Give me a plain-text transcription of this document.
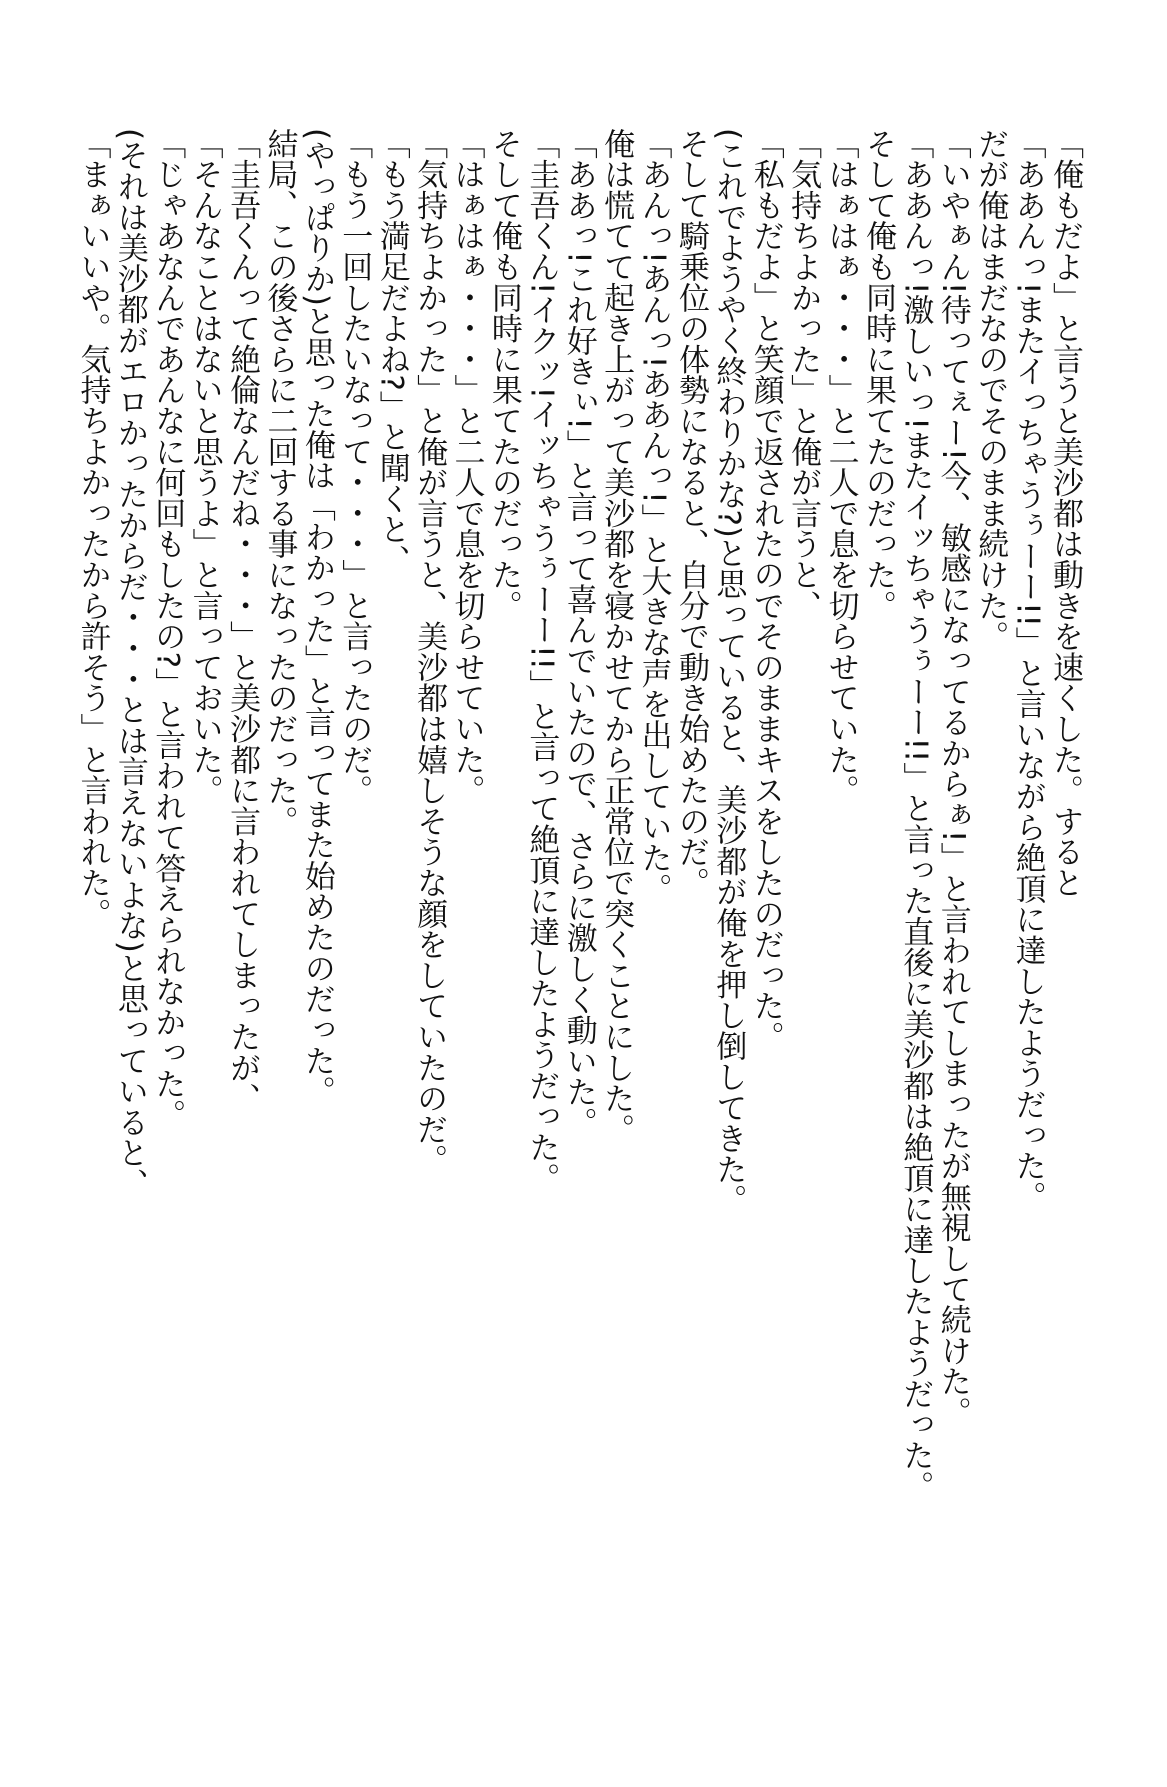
「俺もだよ」と言うと美沙都は動きを速くした。すると
「ああんっ!またイっちゃうぅーー!!」と言いながら絶頂に達したようだった。
だが俺はまだなのでそのまま続けた。
「いやぁん!待ってぇー!今、敏感になってるからぁ!」と言われてしまったが無視して続けた。
「ああんっ!激しいっ!またイッちゃうぅーー!!」と言った直後に美沙都は絶頂に達したようだった。
そして俺も同時に果てたのだった。
「はぁはぁ・・・」と二人で息を切らせていた。
「気持ちよかった」と俺が言うと、
「私もだよ」と笑顔で返されたのでそのままキスをしたのだった。
(これでようやく終わりかな?)と思っていると、美沙都が俺を押し倒してきた。
そして騎乗位の体勢になると、自分で動き始めたのだ。
「あんっ!あんっ!ああんっ!」と大きな声を出していた。
俺は慌てて起き上がって美沙都を寝かせてから正常位で突くことにした。
「ああっ!これ好きぃ!」と言って喜んでいたので、さらに激しく動いた。
「圭吾くん!イクッ!イッちゃうぅーー!!」と言って絶頂に達したようだった。
そして俺も同時に果てたのだった。
「はぁはぁ・・・」と二人で息を切らせていた。
「気持ちよかった」と俺が言うと、美沙都は嬉しそうな顔をしていたのだ。
「もう満足だよね?」と聞くと、
「もう一回したいなって・・・」と言ったのだ。
(やっぱりか)と思った俺は「わかった」と言ってまた始めたのだった。
結局、この後さらに二回する事になったのだった。
「圭吾くんって絶倫なんだね・・・」と美沙都に言われてしまったが、
「そんなことはないと思うよ」と言っておいた。
「じゃあなんであんなに何回もしたの?」と言われて答えられなかった。
(それは美沙都がエロかったからだ・・・とは言えないよな)と思っていると、
「まぁいいや。気持ちよかったから許そう」と言われた。
